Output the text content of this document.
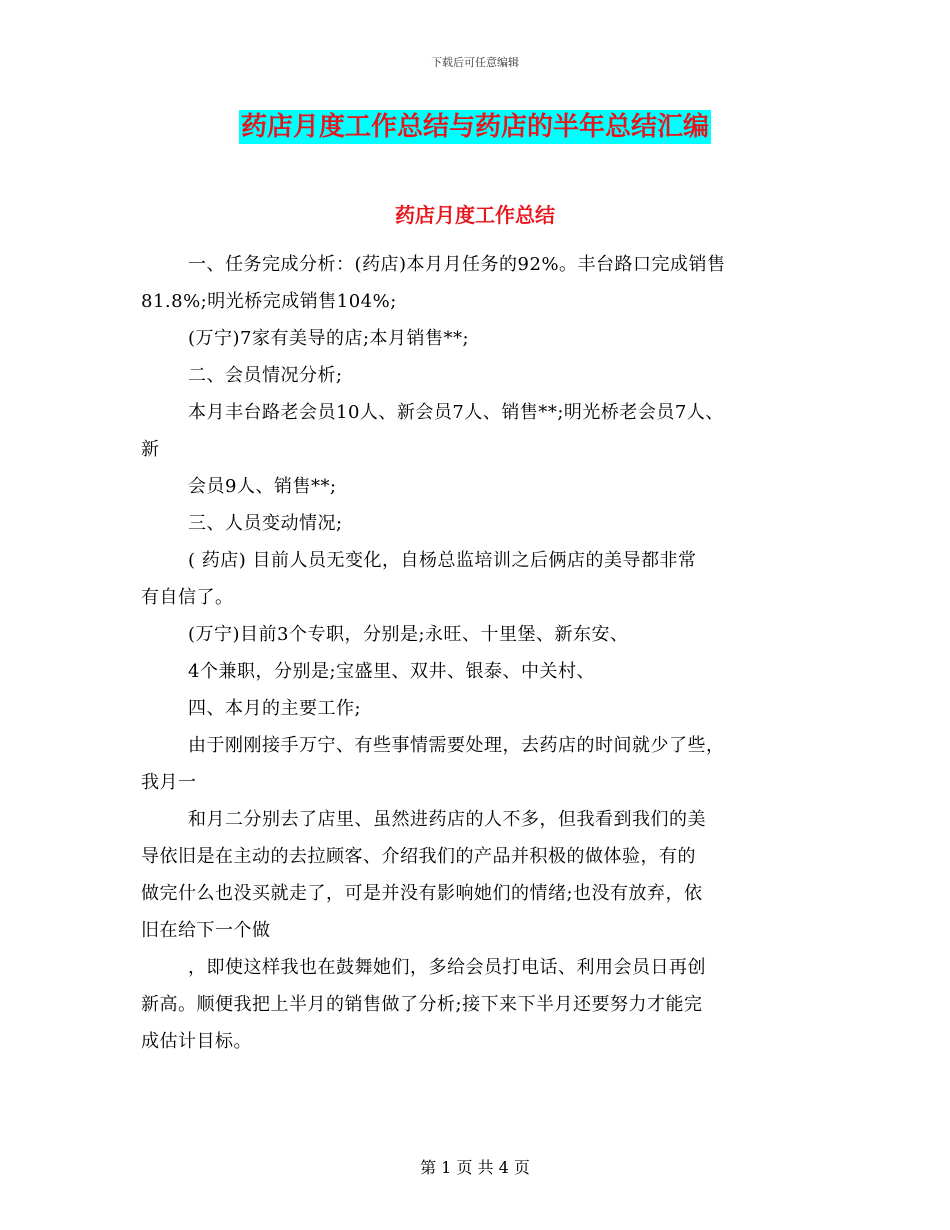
下载后可任意编辑
药店月度工作总结与药店的半年总结汇编
药店月度工作总结
一、任务完成分析：(药店)本月月任务的92%。丰台路口完成销售
81.8%;明光桥完成销售104%;
(万宁)7家有美导的店;本月销售**;
二、会员情况分析;
本月丰台路老会员10人、新会员7人、销售**;明光桥老会员7人、
新
会员9人、销售**;
三、人员变动情况;
( 药店) 目前人员无变化，自杨总监培训之后俩店的美导都非常
有自信了。
(万宁)目前3个专职，分别是;永旺、十里堡、新东安、
4个兼职，分别是;宝盛里、双井、银泰、中关村、
四、本月的主要工作;
由于刚刚接手万宁、有些事情需要处理，去药店的时间就少了些，
我月一
和月二分别去了店里、虽然进药店的人不多，但我看到我们的美
导依旧是在主动的去拉顾客、介绍我们的产品并积极的做体验，有的
做完什么也没买就走了，可是并没有影响她们的情绪;也没有放弃，依
旧在给下一个做
，即使这样我也在鼓舞她们，多给会员打电话、利用会员日再创
新高。顺便我把上半月的销售做了分析;接下来下半月还要努力才能完
成估计目标。
第 1 页 共 4 页
